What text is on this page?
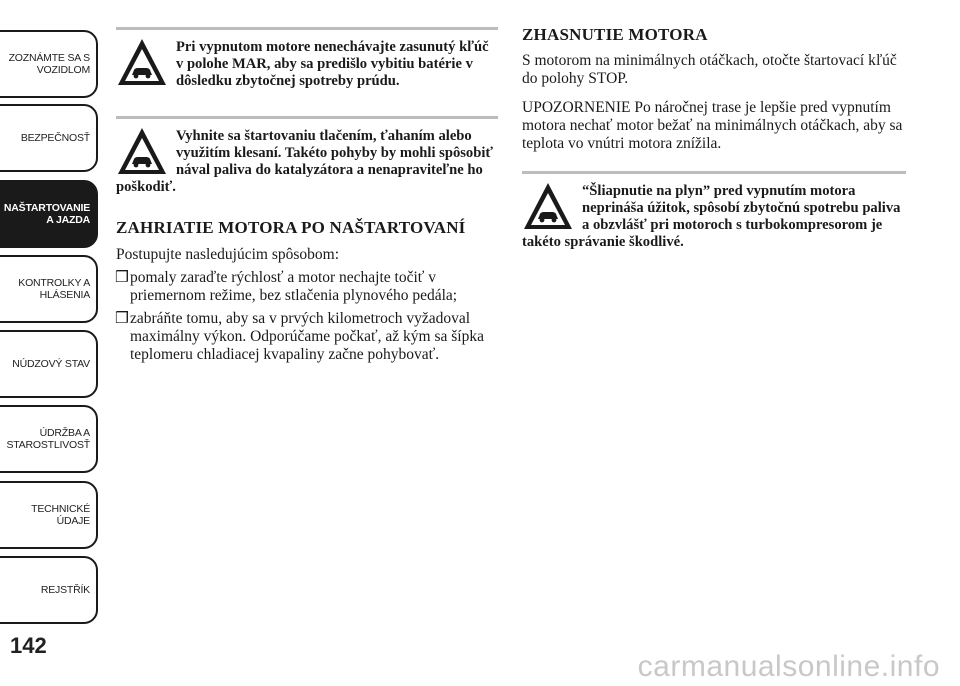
ZOZNÁMTE SA S
VOZIDLOM
BEZPEČNOSŤ
NAŠTARTOVANIE
A JAZDA
KONTROLKY A
HLÁSENIA
NÚDZOVÝ STAV
ÚDRŽBA A
STAROSTLIVOSŤ
TECHNICKÉ
ÚDAJE
REJSTŘÍK
142

Pri vypnutom motore nenechávajte zasunutý kľúč v polohe MAR, aby sa predišlo vybitiu batérie v dôsledku zbytočnej spotreby prúdu.

Vyhnite sa štartovaniu tlačením, ťahaním alebo využitím klesaní. Takéto pohyby by mohli spôsobiť nával paliva do katalyzátora a nenapraviteľne ho poškodiť.

ZAHRIATIE MOTORA PO NAŠTARTOVANÍ

Postupujte nasledujúcim spôsobom:

❒ pomaly zaraďte rýchlosť a motor nechajte točiť v priemernom režime, bez stlačenia plynového pedála;
❒ zabráňte tomu, aby sa v prvých kilometroch vyžadoval maximálny výkon. Odporúčame počkať, až kým sa šípka teplomeru chladiacej kvapaliny začne pohybovať.
ZHASNUTIE MOTORA

S motorom na minimálnych otáčkach, otočte štartovací kľúč do polohy STOP.

UPOZORNENIE Po náročnej trase je lepšie pred vypnutím motora nechať motor bežať na minimálnych otáčkach, aby sa teplota vo vnútri motora znížila.

“Šliapnutie na plyn” pred vypnutím motora neprináša úžitok, spôsobí zbytočnú spotrebu paliva a obzvlášť pri motoroch s turbokompresorom je takéto správanie škodlivé.

carmanualsonline.info
